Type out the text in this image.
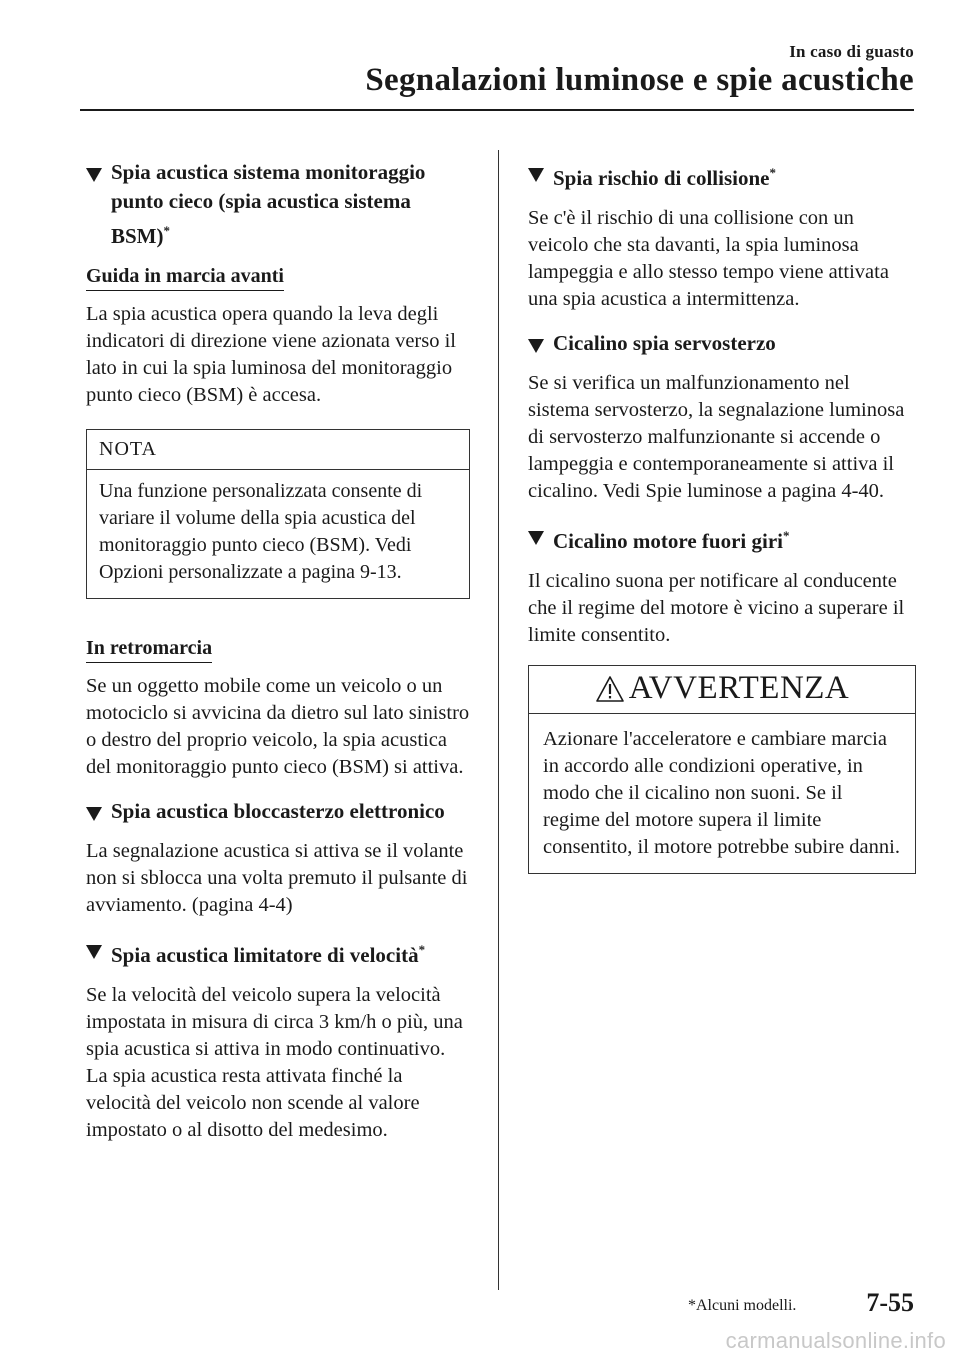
In caso di guasto
Segnalazioni luminose e spie acustiche
Spia acustica sistema monitoraggio punto cieco (spia acustica sistema BSM)*
Guida in marcia avanti

La spia acustica opera quando la leva degli indicatori di direzione viene azionata verso il lato in cui la spia luminosa del monitoraggio punto cieco (BSM) è accesa.

NOTA
Una funzione personalizzata consente di variare il volume della spia acustica del monitoraggio punto cieco (BSM). Vedi Opzioni personalizzate a pagina 9-13.
In retromarcia

Se un oggetto mobile come un veicolo o un motociclo si avvicina da dietro sul lato sinistro o destro del proprio veicolo, la spia acustica del monitoraggio punto cieco (BSM) si attiva.

Spia acustica bloccasterzo elettronico

La segnalazione acustica si attiva se il volante non si sblocca una volta premuto il pulsante di avviamento. (pagina 4-4)

Spia acustica limitatore di velocità*

Se la velocità del veicolo supera la velocità impostata in misura di circa 3 km/h o più, una spia acustica si attiva in modo continuativo. La spia acustica resta attivata finché la velocità del veicolo non scende al valore impostato o al disotto del medesimo.

Spia rischio di collisione*

Se c'è il rischio di una collisione con un veicolo che sta davanti, la spia luminosa lampeggia e allo stesso tempo viene attivata una spia acustica a intermittenza.

Cicalino spia servosterzo

Se si verifica un malfunzionamento nel sistema servosterzo, la segnalazione luminosa di servosterzo malfunzionante si accende o lampeggia e contemporaneamente si attiva il cicalino. Vedi Spie luminose a pagina 4-40.

Cicalino motore fuori giri*

Il cicalino suona per notificare al conducente che il regime del motore è vicino a superare il limite consentito.

AVVERTENZA
Azionare l'acceleratore e cambiare marcia in accordo alle condizioni operative, in modo che il cicalino non suoni. Se il regime del motore supera il limite consentito, il motore potrebbe subire danni.
*Alcuni modelli.	7-55
carmanualsonline.info
